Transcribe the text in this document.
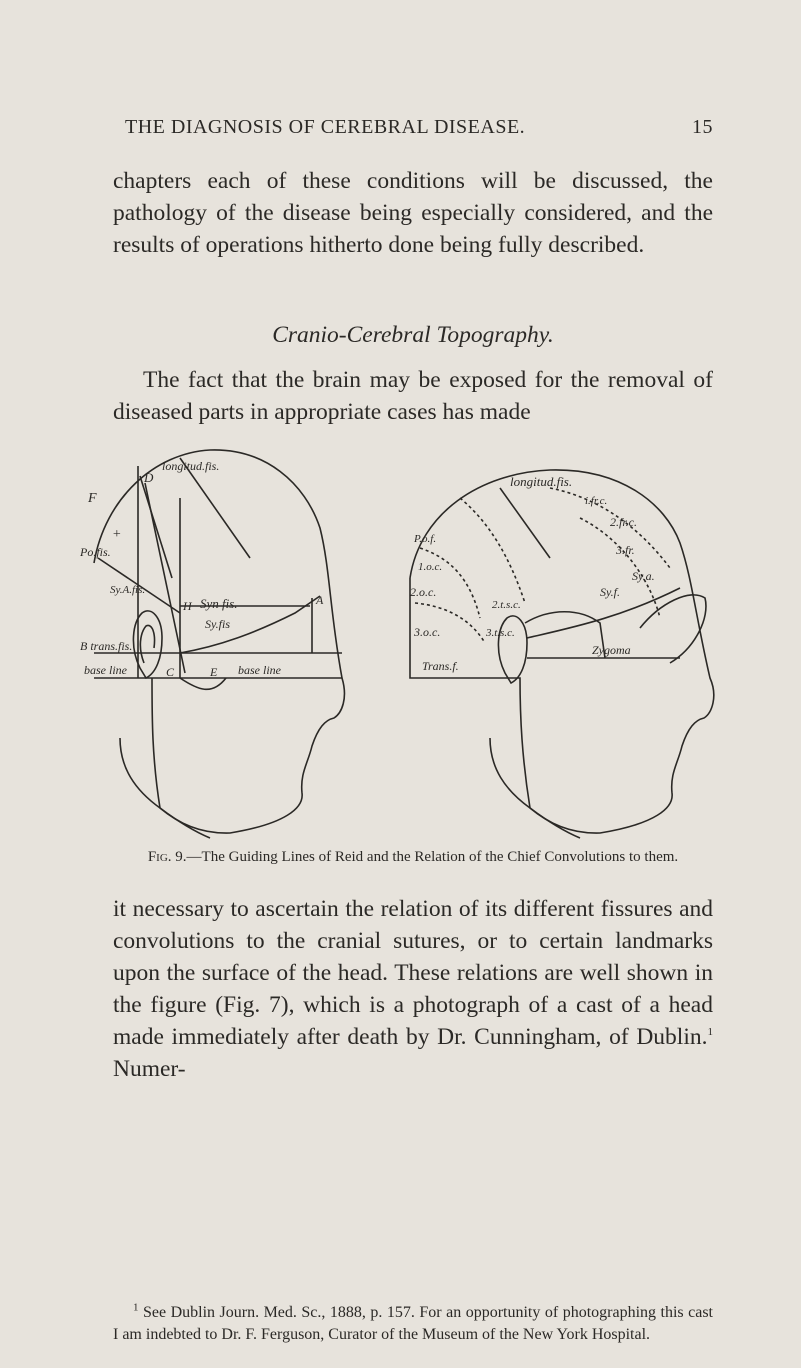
THE DIAGNOSIS OF CEREBRAL DISEASE.	15

chapters each of these conditions will be discussed, the pathology of the disease being especially considered, and the results of operations hitherto done being fully described.

Cranio-Cerebral Topography.

The fact that the brain may be exposed for the removal of diseased parts in appropriate cases has made

F
D
longitud.fis.
Po.fis.
+
Sy.A.fis.
H Syn fis.
Sy.fis
A
C	E
B trans.fis.
base line	base line
longitud.fis.
i.fr.c.
2.fr.c.
3.fr.
P.o.f.
Sy.a.
1.o.c.
2.o.c.
3.o.c.
2.t.s.c.
3.t.s.c.
Sy.f.
Trans.f.
Zygoma
Fig. 9.—The Guiding Lines of Reid and the Relation of the Chief Convolutions to them.

it necessary to ascertain the relation of its different fissures and convolutions to the cranial sutures, or to certain landmarks upon the surface of the head. These relations are well shown in the figure (Fig. 7), which is a photograph of a cast of a head made immediately after death by Dr. Cunningham, of Dublin.$^1$ Numer-

$^1$ See Dublin Journ. Med. Sc., 1888, p. 157. For an opportunity of photographing this cast I am indebted to Dr. F. Ferguson, Curator of the Museum of the New York Hospital.
